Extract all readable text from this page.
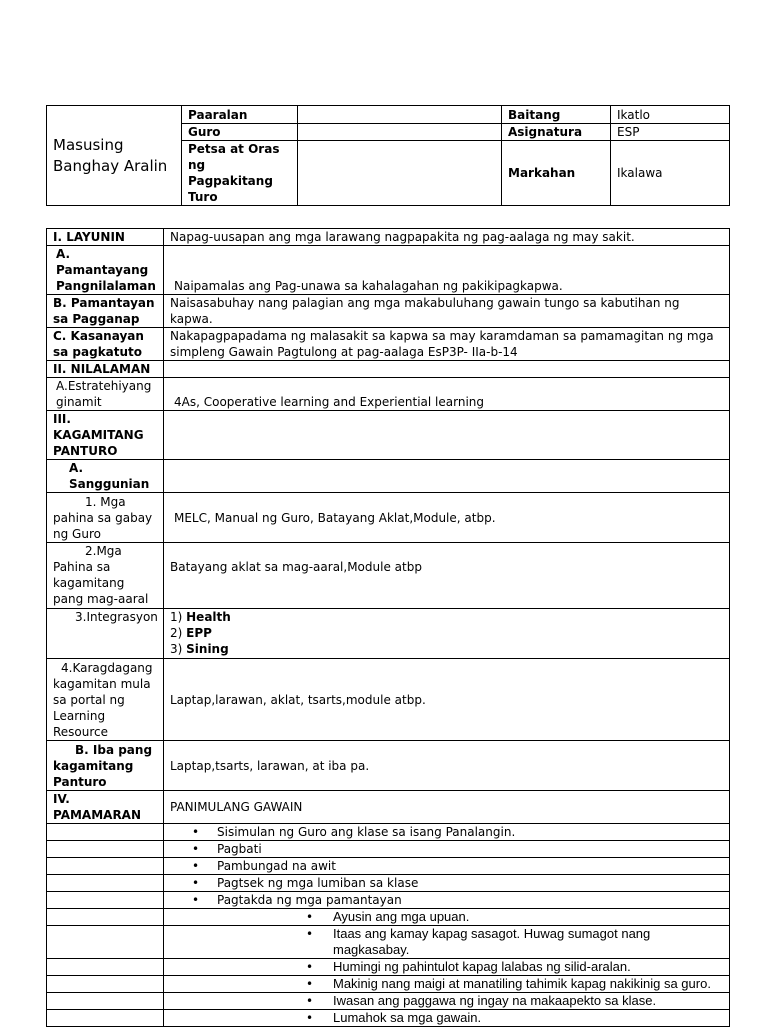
Masusing Banghay Aralin	Paaralan		Baitang	Ikatlo
	Guro		Asignatura	ESP
	Petsa at Oras ng Pagpakitang Turo		Markahan	Ikalawa
I. LAYUNIN	Napag-uusapan ang mga larawang nagpapakita ng pag-aalaga ng may sakit.
A. Pamantayang Pangnilalaman	Naipamalas ang Pag-unawa sa kahalagahan ng pakikipagkapwa.
B. Pamantayan sa Pagganap	Naisasabuhay nang palagian ang mga makabuluhang gawain tungo sa kabutihan ng kapwa.
C. Kasanayan sa pagkatuto	Nakapagpapadama ng malasakit sa kapwa sa may karamdaman sa pamamagitan ng mga simpleng Gawain Pagtulong at pag-aalaga EsP3P- IIa-b-14
II. NILALAMAN	
A.Estratehiyang ginamit	4As, Cooperative learning and Experiential learning
III. KAGAMITANG PANTURO	
A. Sanggunian	

1. Mga pahina sa gabay ng Guro	MELC, Manual ng Guro, Batayang Aklat,Module, atbp.

2.Mga Pahina sa kagamitang pang mag-aaral	Batayang aklat sa mag-aaral,Module atbp
3.Integrasyon	1) Health
2) EPP
3) Sining

4.Karagdagang kagamitan mula sa portal ng Learning Resource	Laptap,larawan, aklat, tsarts,module atbp.

B. Iba pang kagamitang Panturo	Laptap,tsarts, larawan, at iba pa.
IV. PAMAMARAN	PANIMULANG GAWAIN

	• Sisimulan ng Guro ang klase sa isang Panalangin.

	• Pagbati

	• Pambungad na awit

	• Pagtsek ng mga lumiban sa klase

	• Pagtakda ng mga pamantayan

	• Ayusin ang mga upuan.

	• Itaas ang kamay kapag sasagot. Huwag sumagot nang magkasabay.

	• Humingi ng pahintulot kapag lalabas ng silid-aralan.

	• Makinig nang maigi at manatiling tahimik kapag nakikinig sa guro.

	• Iwasan ang paggawa ng ingay na makaapekto sa klase.

	• Lumahok sa mga gawain.
